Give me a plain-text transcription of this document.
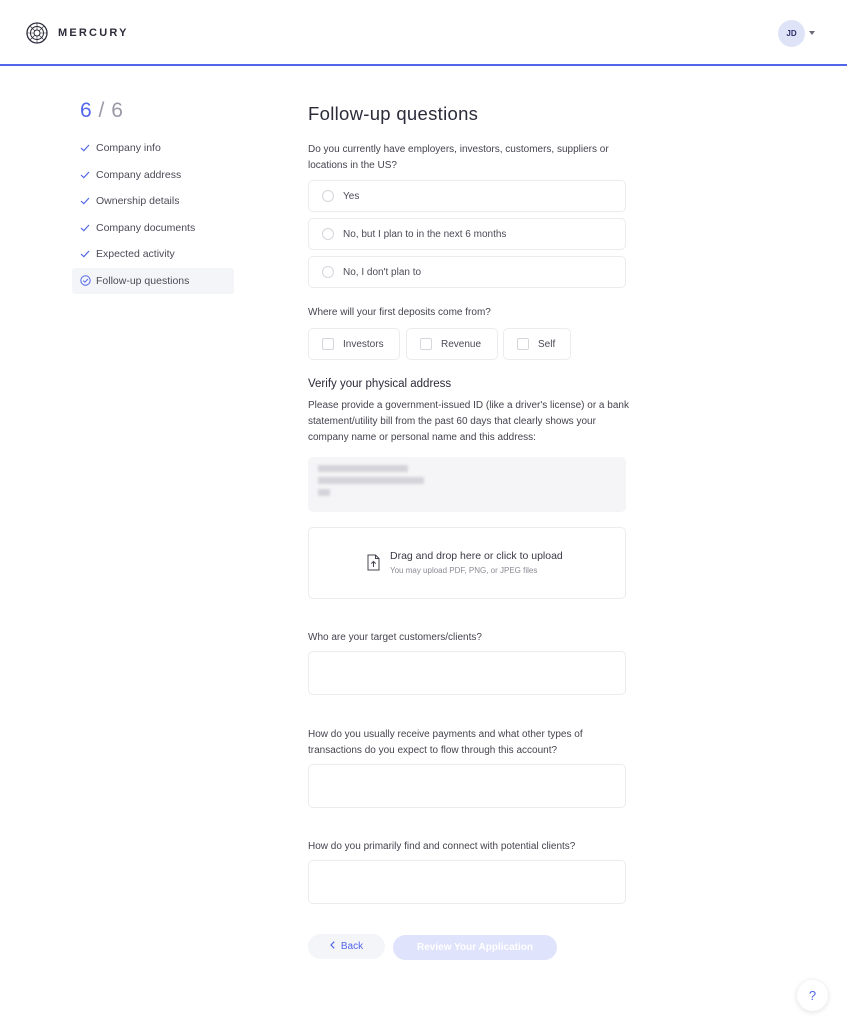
MERCURY	JD
6 / 6
Company info
Company address
Ownership details
Company documents
Expected activity
Follow-up questions
Follow-up questions
Do you currently have employers, investors, customers, suppliers or locations in the US?
Yes
No, but I plan to in the next 6 months
No, I don't plan to
Where will your first deposits come from?
Investors	Revenue	Self
Verify your physical address
Please provide a government-issued ID (like a driver's license) or a bank statement/utility bill from the past 60 days that clearly shows your company name or personal name and this address:
Drag and drop here or click to upload
You may upload PDF, PNG, or JPEG files
Who are your target customers/clients?
How do you usually receive payments and what other types of transactions do you expect to flow through this account?
How do you primarily find and connect with potential clients?
Back	Review Your Application
?
